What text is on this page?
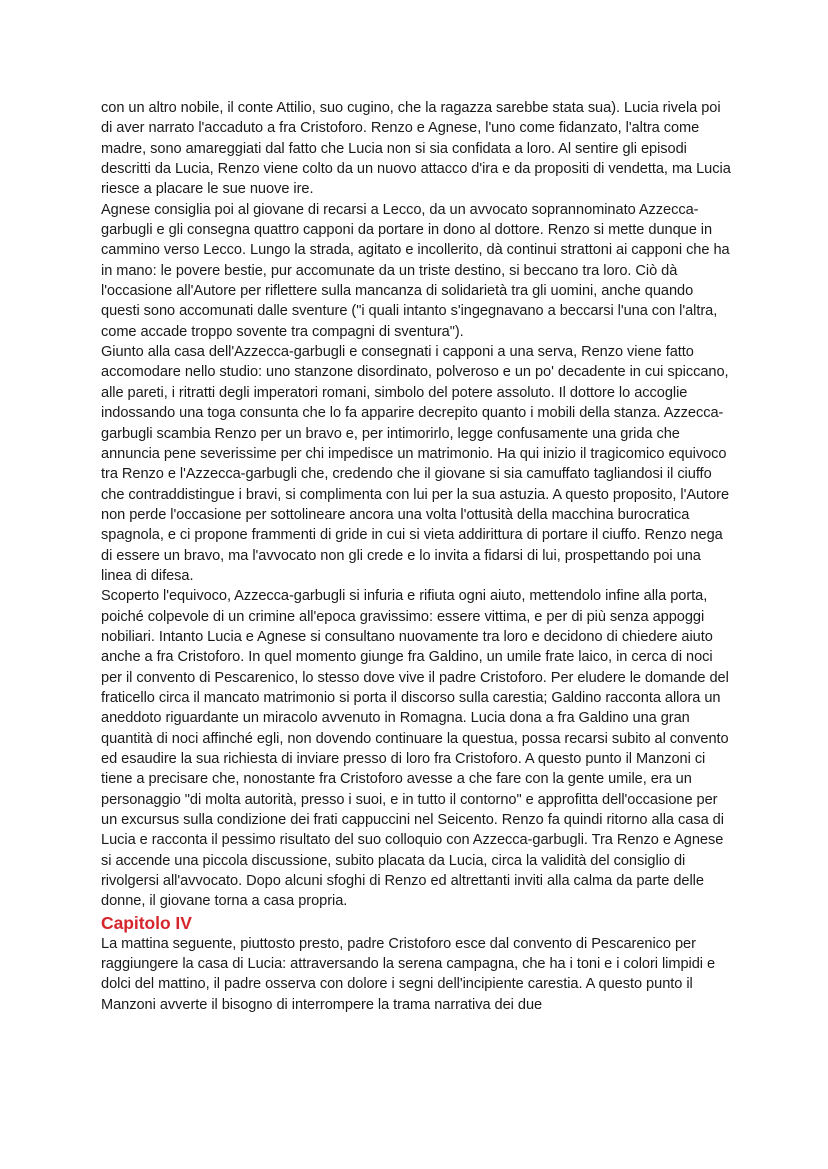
con un altro nobile, il conte Attilio, suo cugino, che la ragazza sarebbe stata sua). Lucia rivela poi di aver narrato l'accaduto a fra Cristoforo. Renzo e Agnese, l'uno come fidanzato, l'altra come madre, sono amareggiati dal fatto che Lucia non si sia confidata a loro. Al sentire gli episodi descritti da Lucia, Renzo viene colto da un nuovo attacco d'ira e da propositi di vendetta, ma Lucia riesce a placare le sue nuove ire.

Agnese consiglia poi al giovane di recarsi a Lecco, da un avvocato soprannominato Azzecca-garbugli e gli consegna quattro capponi da portare in dono al dottore. Renzo si mette dunque in cammino verso Lecco. Lungo la strada, agitato e incollerito, dà continui strattoni ai capponi che ha in mano: le povere bestie, pur accomunate da un triste destino, si beccano tra loro. Ciò dà l'occasione all'Autore per riflettere sulla mancanza di solidarietà tra gli uomini, anche quando questi sono accomunati dalle sventure ("i quali intanto s'ingegnavano a beccarsi l'una con l'altra, come accade troppo sovente tra compagni di sventura").

Giunto alla casa dell'Azzecca-garbugli e consegnati i capponi a una serva, Renzo viene fatto accomodare nello studio: uno stanzone disordinato, polveroso e un po' decadente in cui spiccano, alle pareti, i ritratti degli imperatori romani, simbolo del potere assoluto. Il dottore lo accoglie indossando una toga consunta che lo fa apparire decrepito quanto i mobili della stanza. Azzecca-garbugli scambia Renzo per un bravo e, per intimorirlo, legge confusamente una grida che annuncia pene severissime per chi impedisce un matrimonio. Ha qui inizio il tragicomico equivoco tra Renzo e l'Azzecca-garbugli che, credendo che il giovane si sia camuffato tagliandosi il ciuffo che contraddistingue i bravi, si complimenta con lui per la sua astuzia. A questo proposito, l'Autore non perde l'occasione per sottolineare ancora una volta l'ottusità della macchina burocratica spagnola, e ci propone frammenti di gride in cui si vieta addirittura di portare il ciuffo. Renzo nega di essere un bravo, ma l'avvocato non gli crede e lo invita a fidarsi di lui, prospettando poi una linea di difesa.

Scoperto l'equivoco, Azzecca-garbugli si infuria e rifiuta ogni aiuto, mettendolo infine alla porta, poiché colpevole di un crimine all'epoca gravissimo: essere vittima, e per di più senza appoggi nobiliari. Intanto Lucia e Agnese si consultano nuovamente tra loro e decidono di chiedere aiuto anche a fra Cristoforo. In quel momento giunge fra Galdino, un umile frate laico, in cerca di noci per il convento di Pescarenico, lo stesso dove vive il padre Cristoforo. Per eludere le domande del fraticello circa il mancato matrimonio si porta il discorso sulla carestia; Galdino racconta allora un aneddoto riguardante un miracolo avvenuto in Romagna. Lucia dona a fra Galdino una gran quantità di noci affinché egli, non dovendo continuare la questua, possa recarsi subito al convento ed esaudire la sua richiesta di inviare presso di loro fra Cristoforo. A questo punto il Manzoni ci tiene a precisare che, nonostante fra Cristoforo avesse a che fare con la gente umile, era un personaggio "di molta autorità, presso i suoi, e in tutto il contorno" e approfitta dell'occasione per un excursus sulla condizione dei frati cappuccini nel Seicento. Renzo fa quindi ritorno alla casa di Lucia e racconta il pessimo risultato del suo colloquio con Azzecca-garbugli. Tra Renzo e Agnese si accende una piccola discussione, subito placata da Lucia, circa la validità del consiglio di rivolgersi all'avvocato. Dopo alcuni sfoghi di Renzo ed altrettanti inviti alla calma da parte delle donne, il giovane torna a casa propria.

Capitolo IV

La mattina seguente, piuttosto presto, padre Cristoforo esce dal convento di Pescarenico per raggiungere la casa di Lucia: attraversando la serena campagna, che ha i toni e i colori limpidi e dolci del mattino, il padre osserva con dolore i segni dell'incipiente carestia. A questo punto il Manzoni avverte il bisogno di interrompere la trama narrativa dei due
